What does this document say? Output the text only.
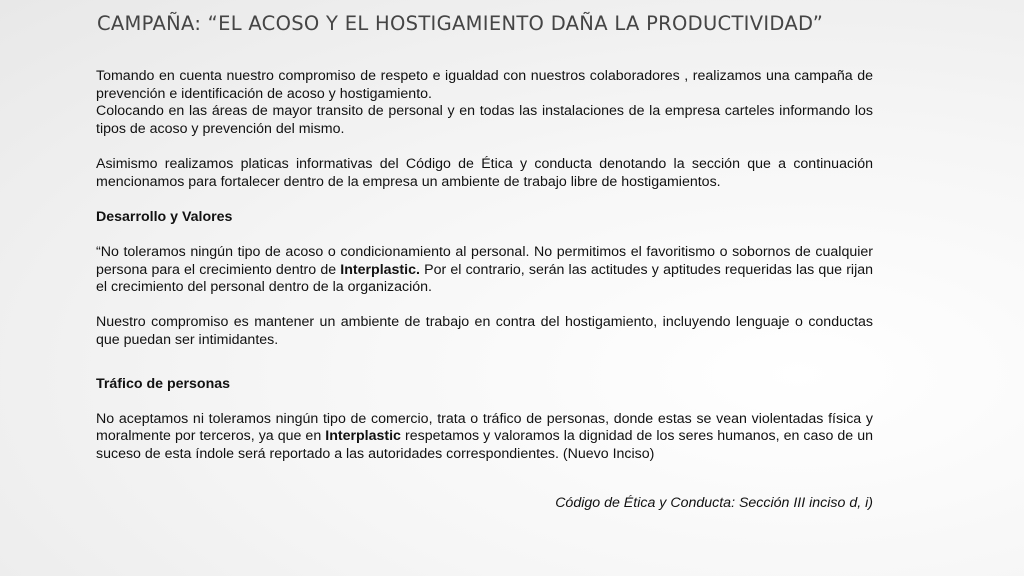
CAMPAÑA: “EL ACOSO Y EL HOSTIGAMIENTO DAÑA LA PRODUCTIVIDAD”

Tomando en cuenta nuestro compromiso de respeto e igualdad con nuestros colaboradores , realizamos una campaña de prevención e identificación de acoso y hostigamiento.

Colocando en las áreas de mayor transito de personal y en todas las instalaciones de la empresa carteles informando los tipos de acoso y prevención del mismo.

Asimismo realizamos platicas informativas del Código de Ética y conducta denotando la sección que a continuación mencionamos para fortalecer dentro de la empresa un ambiente de trabajo libre de hostigamientos.

Desarrollo y Valores

“No toleramos ningún tipo de acoso o condicionamiento al personal. No permitimos el favoritismo o sobornos de cualquier persona para el crecimiento dentro de Interplastic. Por el contrario, serán las actitudes y aptitudes requeridas las que rijan el crecimiento del personal dentro de la organización.

Nuestro compromiso es mantener un ambiente de trabajo en contra del hostigamiento, incluyendo lenguaje o conductas que puedan ser intimidantes.

Tráfico de personas

No aceptamos ni toleramos ningún tipo de comercio, trata o tráfico de personas, donde estas se vean violentadas física y moralmente por terceros, ya que en Interplastic respetamos y valoramos la dignidad de los seres humanos, en caso de un suceso de esta índole será reportado a las autoridades correspondientes. (Nuevo Inciso)

Código de Ética y Conducta: Sección III inciso d, i)
